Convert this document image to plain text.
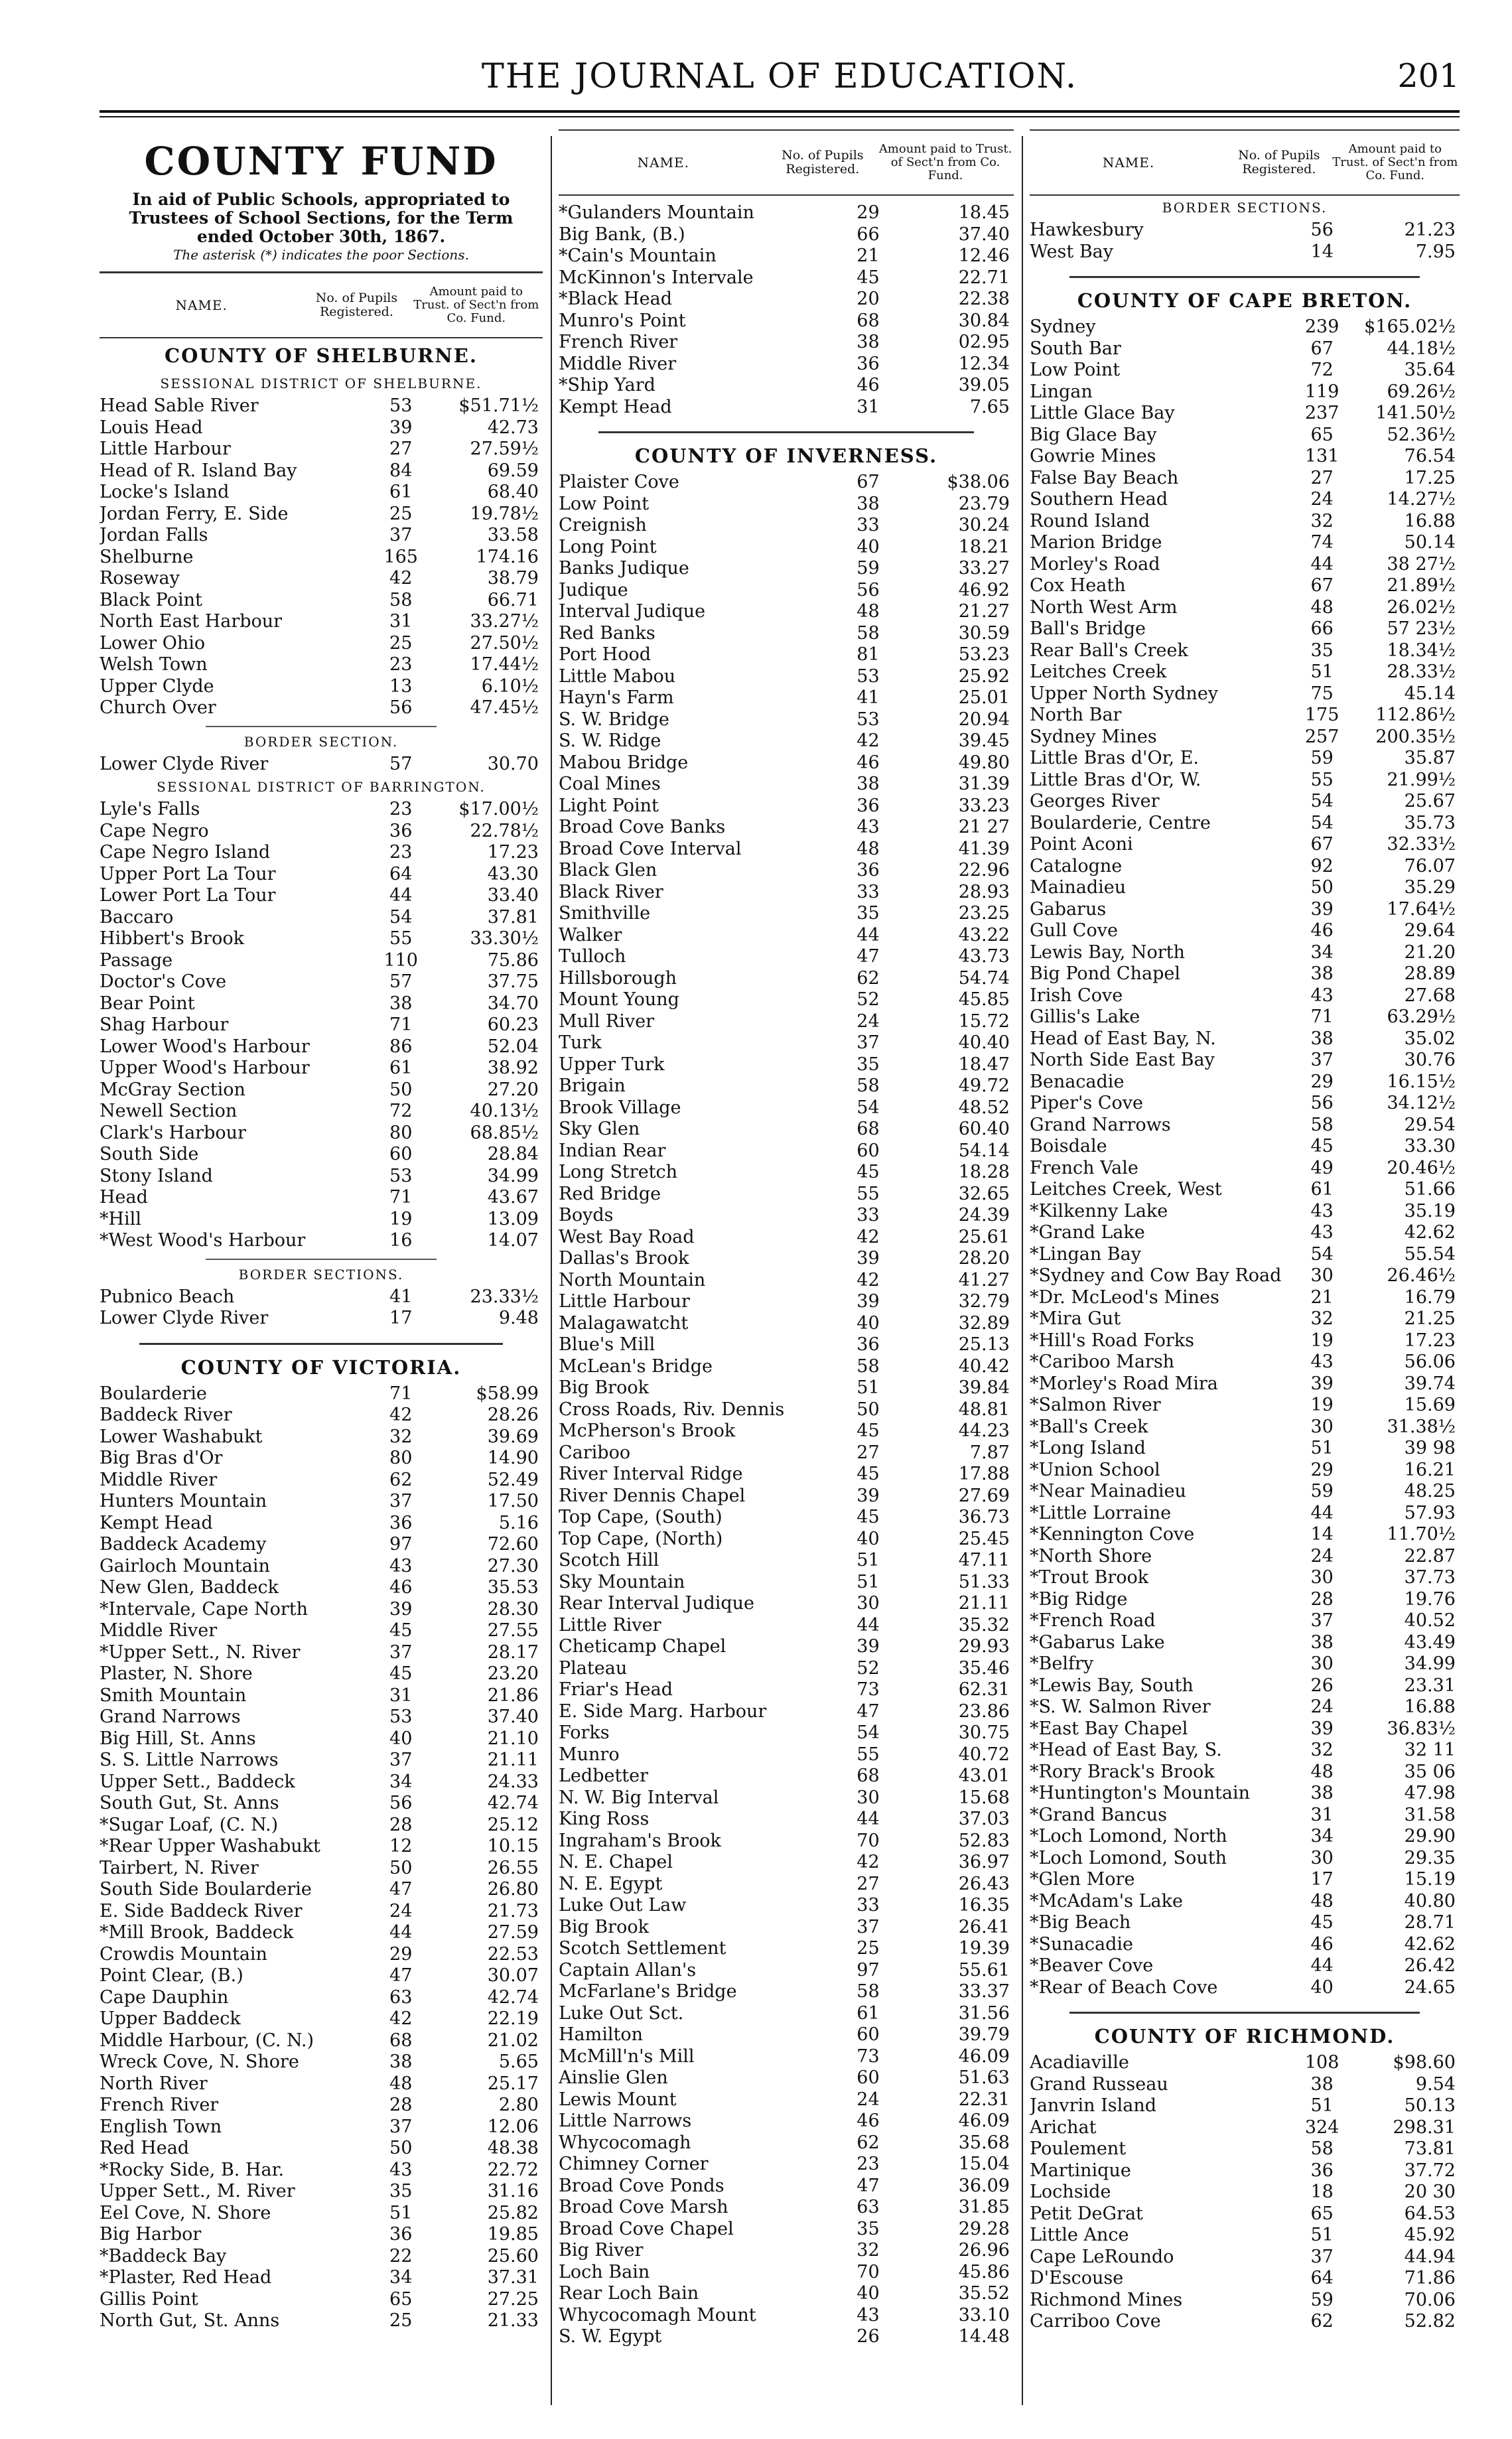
THE JOURNAL OF EDUCATION.	201
COUNTY FUND
In aid of Public Schools, appropriated to Trustees of School Sections, for the Term ended October 30th, 1867.
The asterisk (*) indicates the poor Sections.
NAME.	No. of Pupils Registered.
Amount paid to Trust. of Sect'n from Co. Fund.
COUNTY OF SHELBURNE.
SESSIONAL DISTRICT OF SHELBURNE.
Head Sable River	53	$51.71½
Louis Head	39	42.73
Little Harbour	27	27.59½
Head of R. Island Bay	84	69.59
Locke's Island	61	68.40
Jordan Ferry, E. Side	25	19.78½
Jordan Falls	37	33.58
Shelburne	165	174.16
Roseway	42	38.79
Black Point	58	66.71
North East Harbour	31	33.27½
Lower Ohio	25	27.50½
Welsh Town	23	17.44½
Upper Clyde	13	6.10½
Church Over	56	47.45½
BORDER SECTION.
Lower Clyde River	57	30.70
SESSIONAL DISTRICT OF BARRINGTON.
Lyle's Falls	23	$17.00½
Cape Negro	36	22.78½
Cape Negro Island	23	17.23
Upper Port La Tour	64	43.30
Lower Port La Tour	44	33.40
Baccaro	54	37.81
Hibbert's Brook	55	33.30½
Passage	110	75.86
Doctor's Cove	57	37.75
Bear Point	38	34.70
Shag Harbour	71	60.23
Lower Wood's Harbour	86	52.04
Upper Wood's Harbour	61	38.92
McGray Section	50	27.20
Newell Section	72	40.13½
Clark's Harbour	80	68.85½
South Side	60	28.84
Stony Island	53	34.99
Head	71	43.67
*Hill	19	13.09
*West Wood's Harbour	16	14.07
BORDER SECTIONS.
Pubnico Beach	41	23.33½
Lower Clyde River	17	9.48
COUNTY OF VICTORIA.
Boularderie	71	$58.99
Baddeck River	42	28.26
Lower Washabukt	32	39.69
Big Bras d'Or	80	14.90
Middle River	62	52.49
Hunters Mountain	37	17.50
Kempt Head	36	5.16
Baddeck Academy	97	72.60
Gairloch Mountain	43	27.30
New Glen, Baddeck	46	35.53
*Intervale, Cape North	39	28.30
Middle River	45	27.55
*Upper Sett., N. River	37	28.17
Plaster, N. Shore	45	23.20
Smith Mountain	31	21.86
Grand Narrows	53	37.40
Big Hill, St. Anns	40	21.10
S. S. Little Narrows	37	21.11
Upper Sett., Baddeck	34	24.33
South Gut, St. Anns	56	42.74
*Sugar Loaf, (C. N.)	28	25.12
*Rear Upper Washabukt	12	10.15
Tairbert, N. River	50	26.55
South Side Boularderie	47	26.80
E. Side Baddeck River	24	21.73
*Mill Brook, Baddeck	44	27.59
Crowdis Mountain	29	22.53
Point Clear, (B.)	47	30.07
Cape Dauphin	63	42.74
Upper Baddeck	42	22.19
Middle Harbour, (C. N.)	68	21.02
Wreck Cove, N. Shore	38	5.65
North River	48	25.17
French River	28	2.80
English Town	37	12.06
Red Head	50	48.38
*Rocky Side, B. Har.	43	22.72
Upper Sett., M. River	35	31.16
Eel Cove, N. Shore	51	25.82
Big Harbor	36	19.85
*Baddeck Bay	22	25.60
*Plaster, Red Head	34	37.31
Gillis Point	65	27.25
North Gut, St. Anns	25	21.33
NAME.	No. of Pupils Registered.
Amount paid to Trust. of Sect'n from Co. Fund.
*Gulanders Mountain	29	18.45
Big Bank, (B.)	66	37.40
*Cain's Mountain	21	12.46
McKinnon's Intervale	45	22.71
*Black Head	20	22.38
Munro's Point	68	30.84
French River	38	02.95
Middle River	36	12.34
*Ship Yard	46	39.05
Kempt Head	31	7.65
COUNTY OF INVERNESS.
Plaister Cove	67	$38.06
Low Point	38	23.79
Creignish	33	30.24
Long Point	40	18.21
Banks Judique	59	33.27
Judique	56	46.92
Interval Judique	48	21.27
Red Banks	58	30.59
Port Hood	81	53.23
Little Mabou	53	25.92
Hayn's Farm	41	25.01
S. W. Bridge	53	20.94
S. W. Ridge	42	39.45
Mabou Bridge	46	49.80
Coal Mines	38	31.39
Light Point	36	33.23
Broad Cove Banks	43	21 27
Broad Cove Interval	48	41.39
Black Glen	36	22.96
Black River	33	28.93
Smithville	35	23.25
Walker	44	43.22
Tulloch	47	43.73
Hillsborough	62	54.74
Mount Young	52	45.85
Mull River	24	15.72
Turk	37	40.40
Upper Turk	35	18.47
Brigain	58	49.72
Brook Village	54	48.52
Sky Glen	68	60.40
Indian Rear	60	54.14
Long Stretch	45	18.28
Red Bridge	55	32.65
Boyds	33	24.39
West Bay Road	42	25.61
Dallas's Brook	39	28.20
North Mountain	42	41.27
Little Harbour	39	32.79
Malagawatcht	40	32.89
Blue's Mill	36	25.13
McLean's Bridge	58	40.42
Big Brook	51	39.84
Cross Roads, Riv. Dennis	50	48.81
McPherson's Brook	45	44.23
Cariboo	27	7.87
River Interval Ridge	45	17.88
River Dennis Chapel	39	27.69
Top Cape, (South)	45	36.73
Top Cape, (North)	40	25.45
Scotch Hill	51	47.11
Sky Mountain	51	51.33
Rear Interval Judique	30	21.11
Little River	44	35.32
Cheticamp Chapel	39	29.93
Plateau	52	35.46
Friar's Head	73	62.31
E. Side Marg. Harbour	47	23.86
Forks	54	30.75
Munro	55	40.72
Ledbetter	68	43.01
N. W. Big Interval	30	15.68
King Ross	44	37.03
Ingraham's Brook	70	52.83
N. E. Chapel	42	36.97
N. E. Egypt	27	26.43
Luke Out Law	33	16.35
Big Brook	37	26.41
Scotch Settlement	25	19.39
Captain Allan's	97	55.61
McFarlane's Bridge	58	33.37
Luke Out Sct.	61	31.56
Hamilton	60	39.79
McMill'n's Mill	73	46.09
Ainslie Glen	60	51.63
Lewis Mount	24	22.31
Little Narrows	46	46.09
Whycocomagh	62	35.68
Chimney Corner	23	15.04
Broad Cove Ponds	47	36.09
Broad Cove Marsh	63	31.85
Broad Cove Chapel	35	29.28
Big River	32	26.96
Loch Bain	70	45.86
Rear Loch Bain	40	35.52
Whycocomagh Mount	43	33.10
S. W. Egypt	26	14.48
NAME.	No. of Pupils Registered.
Amount paid to Trust. of Sect'n from Co. Fund.
BORDER SECTIONS.
Hawkesbury	56	21.23
West Bay	14	7.95
COUNTY OF CAPE BRETON.
Sydney	239	$165.02½
South Bar	67	44.18½
Low Point	72	35.64
Lingan	119	69.26½
Little Glace Bay	237	141.50½
Big Glace Bay	65	52.36½
Gowrie Mines	131	76.54
False Bay Beach	27	17.25
Southern Head	24	14.27½
Round Island	32	16.88
Marion Bridge	74	50.14
Morley's Road	44	38 27½
Cox Heath	67	21.89½
North West Arm	48	26.02½
Ball's Bridge	66	57 23½
Rear Ball's Creek	35	18.34½
Leitches Creek	51	28.33½
Upper North Sydney	75	45.14
North Bar	175	112.86½
Sydney Mines	257	200.35½
Little Bras d'Or, E.	59	35.87
Little Bras d'Or, W.	55	21.99½
Georges River	54	25.67
Boularderie, Centre	54	35.73
Point Aconi	67	32.33½
Catalogne	92	76.07
Mainadieu	50	35.29
Gabarus	39	17.64½
Gull Cove	46	29.64
Lewis Bay, North	34	21.20
Big Pond Chapel	38	28.89
Irish Cove	43	27.68
Gillis's Lake	71	63.29½
Head of East Bay, N.	38	35.02
North Side East Bay	37	30.76
Benacadie	29	16.15½
Piper's Cove	56	34.12½
Grand Narrows	58	29.54
Boisdale	45	33.30
French Vale	49	20.46½
Leitches Creek, West	61	51.66
*Kilkenny Lake	43	35.19
*Grand Lake	43	42.62
*Lingan Bay	54	55.54
*Sydney and Cow Bay Road	30	26.46½
*Dr. McLeod's Mines	21	16.79
*Mira Gut	32	21.25
*Hill's Road Forks	19	17.23
*Cariboo Marsh	43	56.06
*Morley's Road Mira	39	39.74
*Salmon River	19	15.69
*Ball's Creek	30	31.38½
*Long Island	51	39 98
*Union School	29	16.21
*Near Mainadieu	59	48.25
*Little Lorraine	44	57.93
*Kennington Cove	14	11.70½
*North Shore	24	22.87
*Trout Brook	30	37.73
*Big Ridge	28	19.76
*French Road	37	40.52
*Gabarus Lake	38	43.49
*Belfry	30	34.99
*Lewis Bay, South	26	23.31
*S. W. Salmon River	24	16.88
*East Bay Chapel	39	36.83½
*Head of East Bay, S.	32	32 11
*Rory Brack's Brook	48	35 06
*Huntington's Mountain	38	47.98
*Grand Bancus	31	31.58
*Loch Lomond, North	34	29.90
*Loch Lomond, South	30	29.35
*Glen More	17	15.19
*McAdam's Lake	48	40.80
*Big Beach	45	28.71
*Sunacadie	46	42.62
*Beaver Cove	44	26.42
*Rear of Beach Cove	40	24.65
COUNTY OF RICHMOND.
Acadiaville	108	$98.60
Grand Russeau	38	9.54
Janvrin Island	51	50.13
Arichat	324	298.31
Poulement	58	73.81
Martinique	36	37.72
Lochside	18	20 30
Petit DeGrat	65	64.53
Little Ance	51	45.92
Cape LeRoundo	37	44.94
D'Escouse	64	71.86
Richmond Mines	59	70.06
Carriboo Cove	62	52.82
